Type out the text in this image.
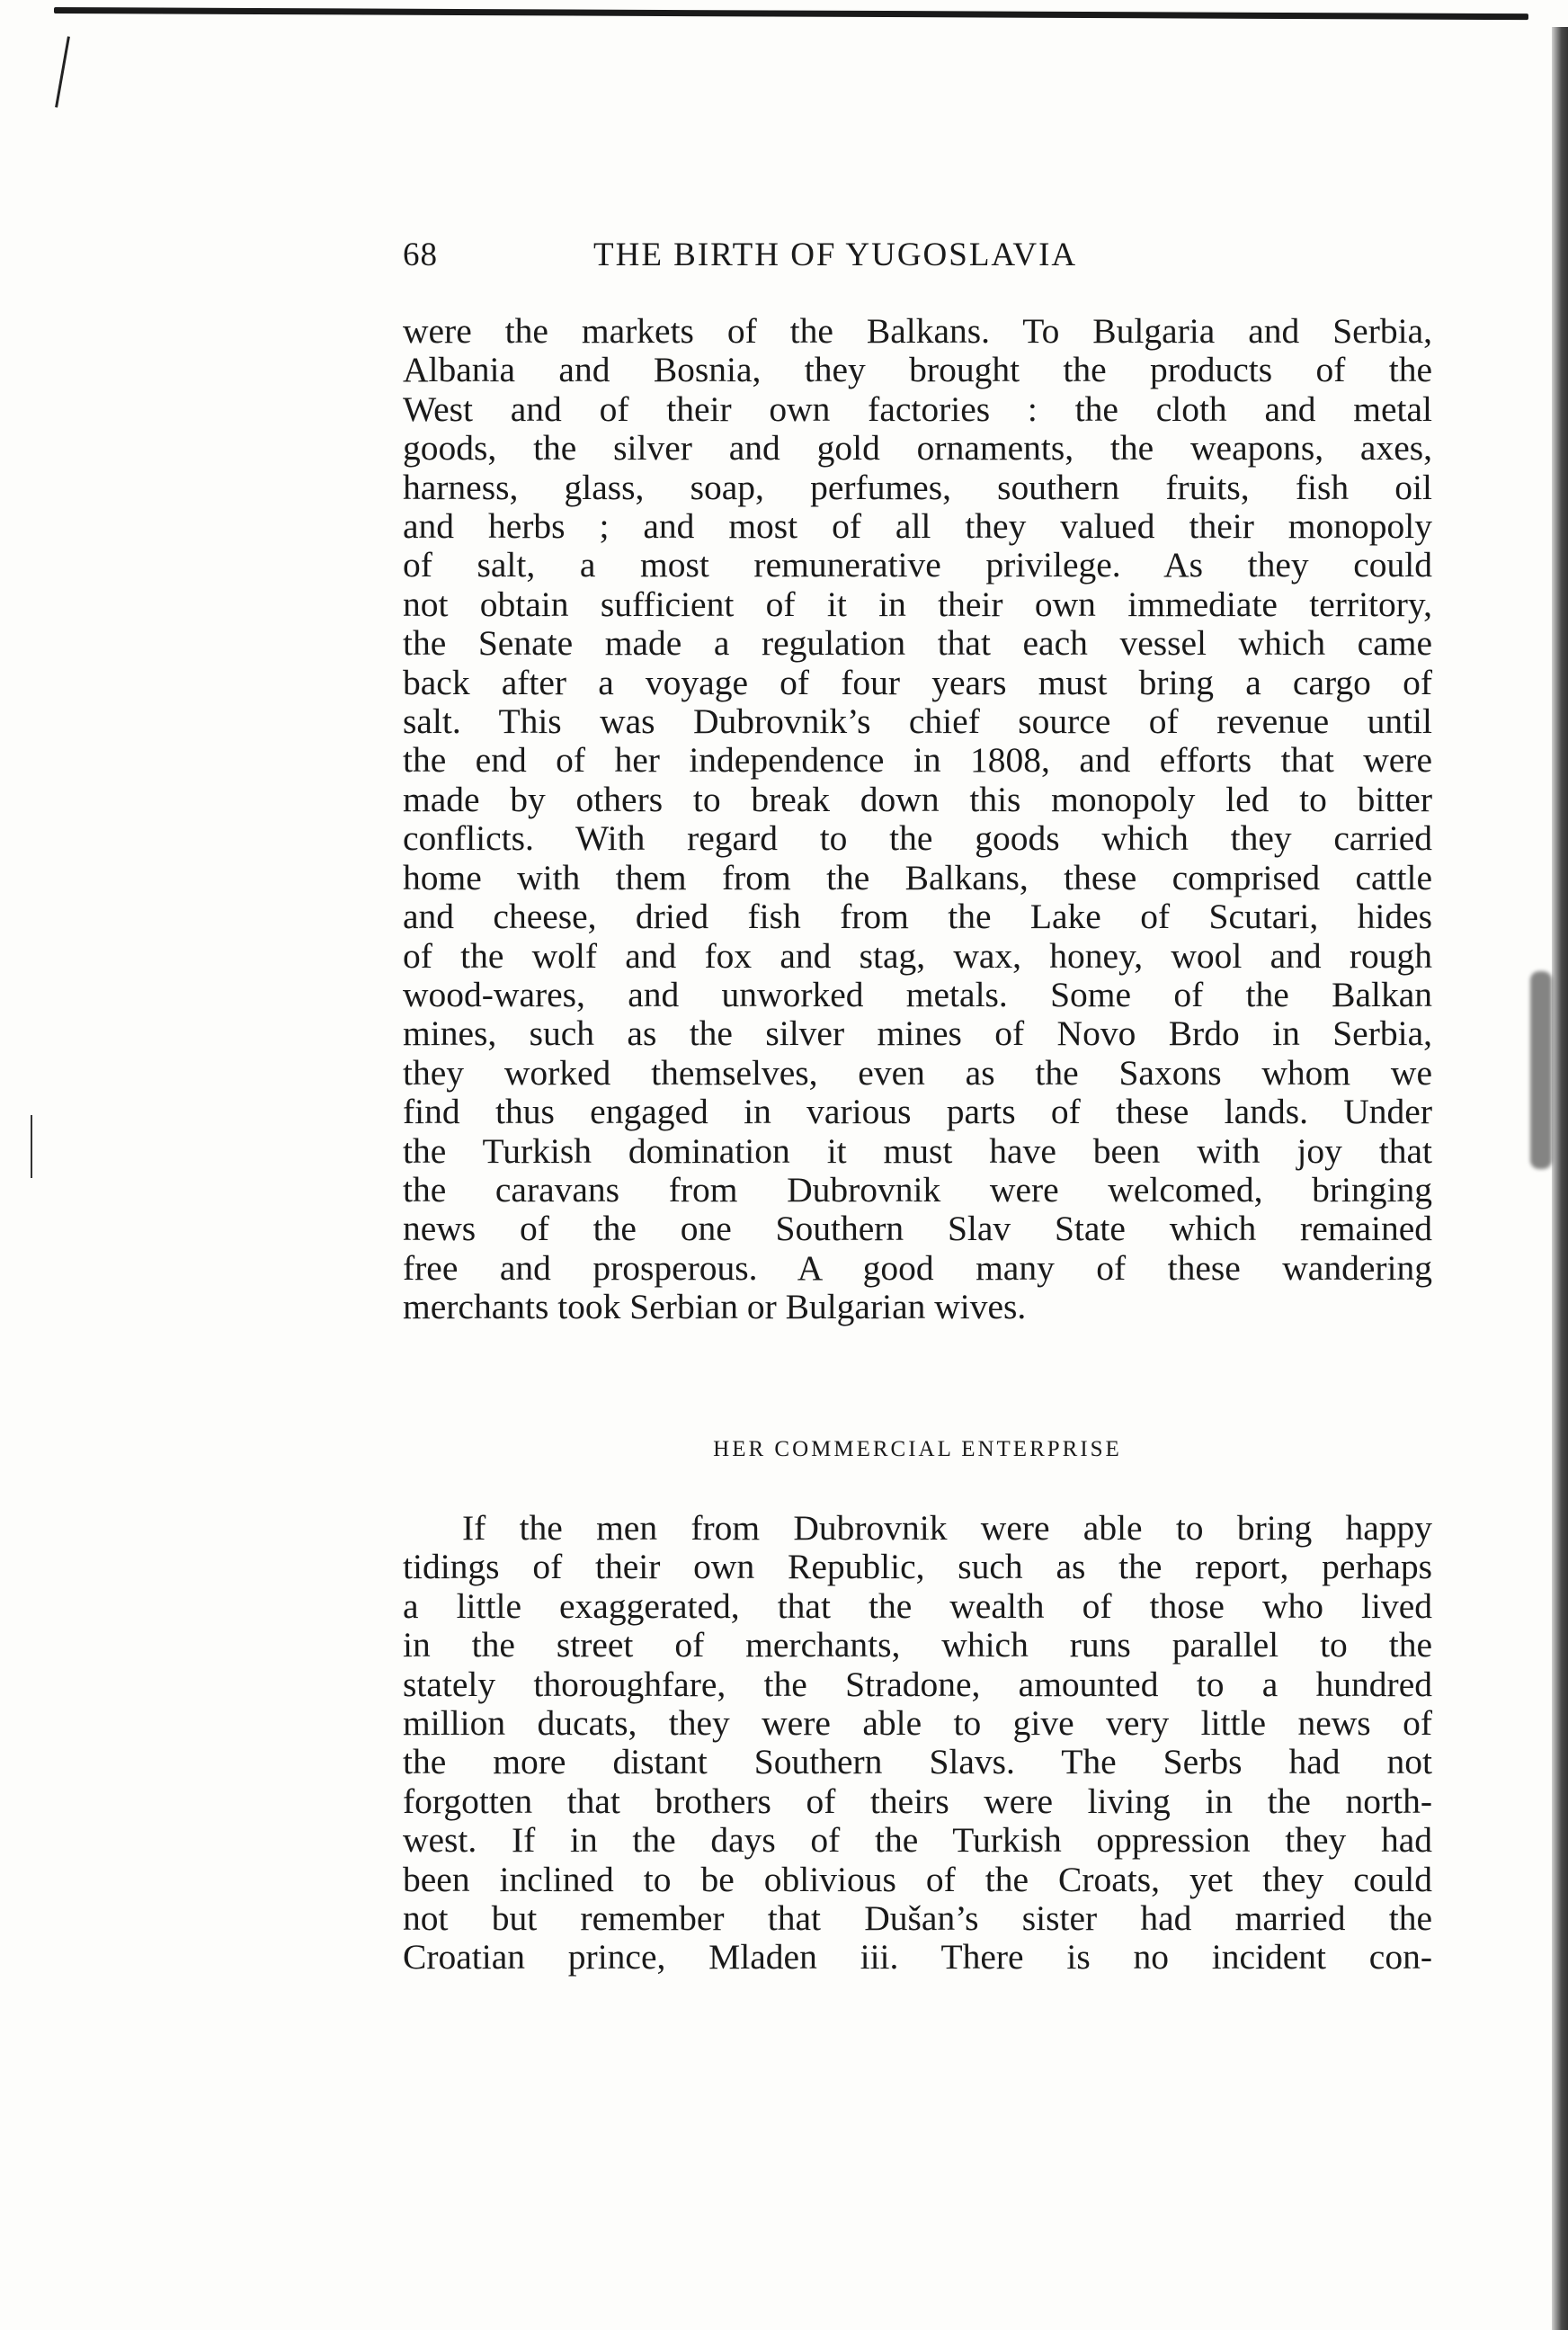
68	THE BIRTH OF YUGOSLAVIA
were the markets of the Balkans. To Bulgaria and Serbia,
Albania and Bosnia, they brought the products of the
West and of their own factories : the cloth and metal
goods, the silver and gold ornaments, the weapons, axes,
harness, glass, soap, perfumes, southern fruits, fish oil
and herbs ; and most of all they valued their monopoly
of salt, a most remunerative privilege. As they could
not obtain sufficient of it in their own immediate territory,
the Senate made a regulation that each vessel which came
back after a voyage of four years must bring a cargo of
salt. This was Dubrovnik’s chief source of revenue until
the end of her independence in 1808, and efforts that were
made by others to break down this monopoly led to bitter
conflicts. With regard to the goods which they carried
home with them from the Balkans, these comprised cattle
and cheese, dried fish from the Lake of Scutari, hides
of the wolf and fox and stag, wax, honey, wool and rough
wood-wares, and unworked metals. Some of the Balkan
mines, such as the silver mines of Novo Brdo in Serbia,
they worked themselves, even as the Saxons whom we
find thus engaged in various parts of these lands. Under
the Turkish domination it must have been with joy that
the caravans from Dubrovnik were welcomed, bringing
news of the one Southern Slav State which remained
free and prosperous. A good many of these wandering
merchants took Serbian or Bulgarian wives.
HER COMMERCIAL ENTERPRISE
If the men from Dubrovnik were able to bring happy
tidings of their own Republic, such as the report, perhaps
a little exaggerated, that the wealth of those who lived
in the street of merchants, which runs parallel to the
stately thoroughfare, the Stradone, amounted to a hundred
million ducats, they were able to give very little news of
the more distant Southern Slavs. The Serbs had not
forgotten that brothers of theirs were living in the north-
west. If in the days of the Turkish oppression they had
been inclined to be oblivious of the Croats, yet they could
not but remember that Dušan’s sister had married the
Croatian prince, Mladen iii. There is no incident con-
